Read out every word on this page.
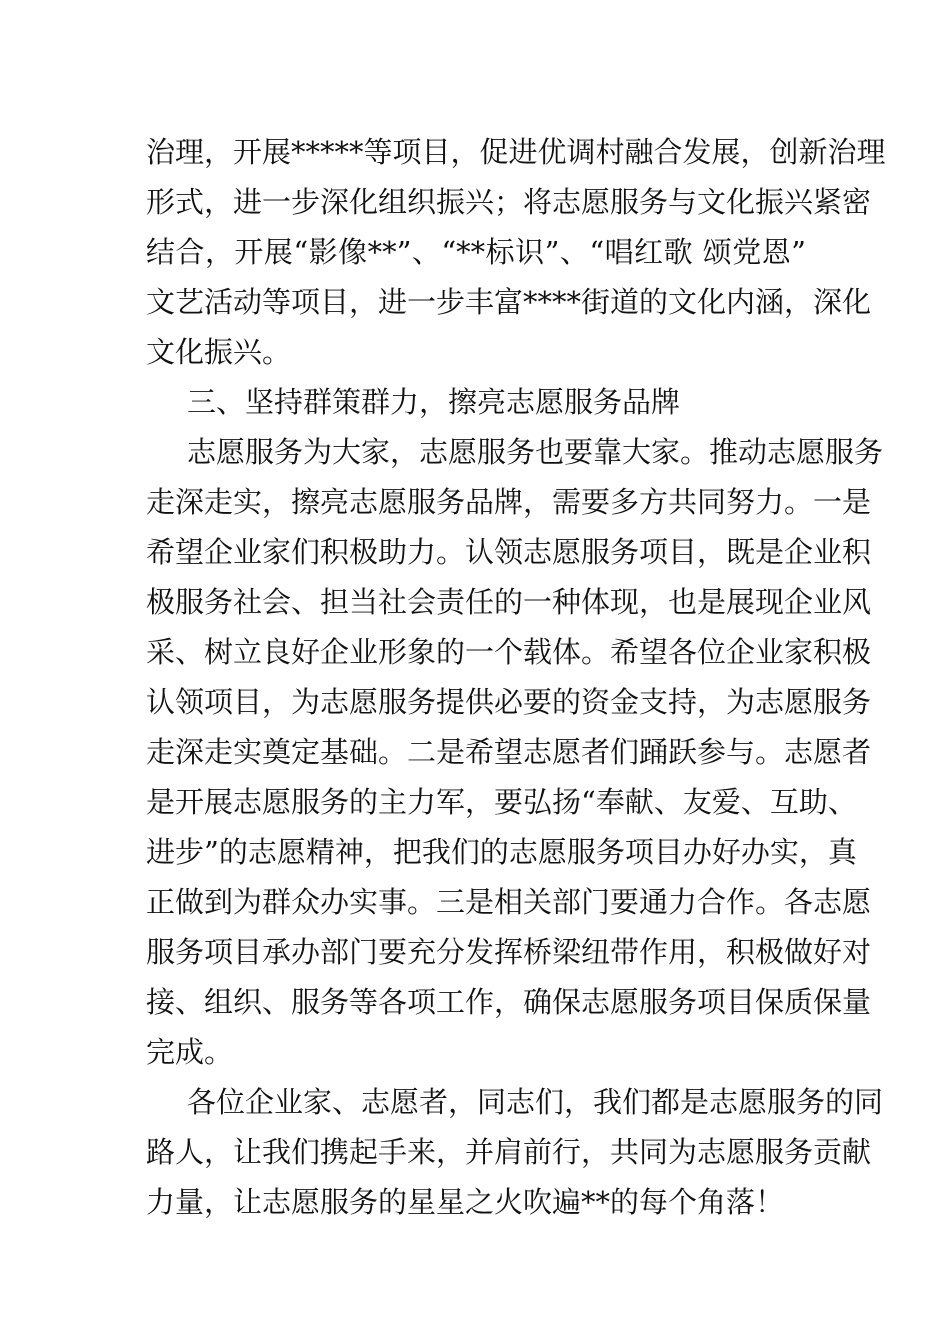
治理，开展*****等项目，促进优调村融合发展，创新治理
形式，进一步深化组织振兴；将志愿服务与文化振兴紧密
结合，开展“影像**”、“**标识”、“唱红歌 颂党恩”
文艺活动等项目，进一步丰富****街道的文化内涵，深化
文化振兴。
三、坚持群策群力，擦亮志愿服务品牌
志愿服务为大家，志愿服务也要靠大家。推动志愿服务
走深走实，擦亮志愿服务品牌，需要多方共同努力。一是
希望企业家们积极助力。认领志愿服务项目，既是企业积
极服务社会、担当社会责任的一种体现，也是展现企业风
采、树立良好企业形象的一个载体。希望各位企业家积极
认领项目，为志愿服务提供必要的资金支持，为志愿服务
走深走实奠定基础。二是希望志愿者们踊跃参与。志愿者
是开展志愿服务的主力军，要弘扬“奉献、友爱、互助、
进步”的志愿精神，把我们的志愿服务项目办好办实，真
正做到为群众办实事。三是相关部门要通力合作。各志愿
服务项目承办部门要充分发挥桥梁纽带作用，积极做好对
接、组织、服务等各项工作，确保志愿服务项目保质保量
完成。
各位企业家、志愿者，同志们，我们都是志愿服务的同
路人，让我们携起手来，并肩前行，共同为志愿服务贡献
力量，让志愿服务的星星之火吹遍**的每个角落！
